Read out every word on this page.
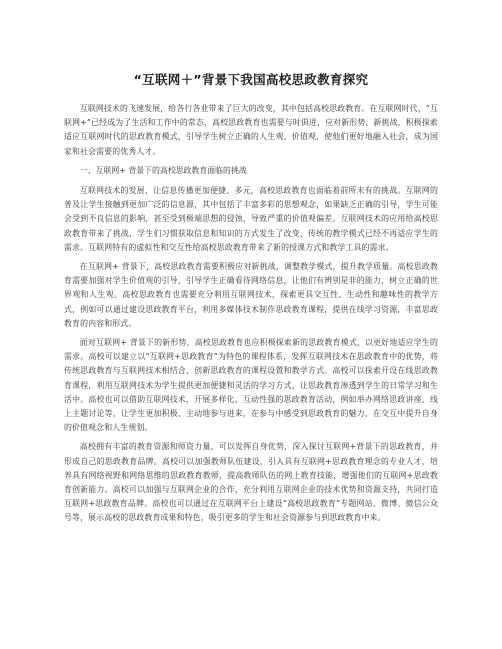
“互联网＋”背景下我国高校思政教育探究

互联网技术的飞速发展，给各行各业带来了巨大的改变，其中包括高校思政教育。在互联网时代，“互联网+”已经成为了生活和工作中的常态，高校思政教育也需要与时俱进，应对新形势、新挑战，积极探索适应互联网时代的思政教育模式，引导学生树立正确的人生观、价值观，使他们更好地融入社会，成为国家和社会需要的优秀人才。

一、互联网+ 背景下的高校思政教育面临的挑战

互联网技术的发展，让信息传播更加便捷、多元，高校思政教育也面临着前所未有的挑战。互联网的普及让学生接触到更加广泛的信息源，其中包括了丰富多彩的思想观念，如果缺乏正确的引导，学生可能会受到不良信息的影响，甚至受到极端思想的侵蚀，导致严重的价值观偏差。互联网技术的应用给高校思政教育带来了挑战，学生们习惯获取信息和知识的方式发生了改变，传统的教学模式已经不再适应学生的需求。互联网特有的虚拟性和交互性给高校思政教育带来了新的授课方式和教学工具的需求。

在互联网+ 背景下，高校思政教育需要积极应对新挑战，调整教学模式，提升教学质量。高校思政教育需要加强对学生价值观的引导，引导学生正确看待网络信息，让他们有辨别是非的能力，树立正确的世界观和人生观。高校思政教育也需要充分利用互联网技术，探索更具交互性、生动性和趣味性的教学方式，例如可以通过建设思政教育平台，利用多媒体技术制作思政教育课程，提供在线学习资源，丰富思政教育的内容和形式。

面对互联网+ 背景下的新形势，高校思政教育也应积极探索新的思政教育模式，以更好地适应学生的需求。高校可以建立以“互联网+思政教育”为特色的课程体系，发挥互联网技术在思政教育中的优势，将传统思政教育与互联网技术相结合，创新思政教育的课程设置和教学方式。高校可以探索开设在线思政教育课程，利用互联网技术为学生提供更加便捷和灵活的学习方式，让思政教育渗透到学生的日常学习和生活中。高校也可以借助互联网技术，开展多样化、互动性强的思政教育活动，例如举办网络思政讲座、线上主题讨论等，让学生更加积极、主动地参与进来，在参与中感受到思政教育的魅力，在交互中提升自身的价值观念和人生规划。

高校拥有丰富的教育资源和师资力量，可以发挥自身优势，深入探讨互联网+背景下的思政教育，并形成自己的思政教育品牌。高校可以加强教师队伍建设，引入具有互联网+思政教育理念的专业人才，培养具有网络视野和网络思维的思政教育教师，提高教师队伍的网上教育技能，增强他们的互联网+思政教育创新能力。高校可以加强与互联网企业的合作，充分利用互联网企业的技术优势和资源支持，共同打造互联网+思政教育品牌。高校也可以通过在互联网平台上建设“高校思政教育”专题网站、微博、微信公众号等，展示高校的思政教育成果和特色，吸引更多的学生和社会资源参与到思政教育中来。
